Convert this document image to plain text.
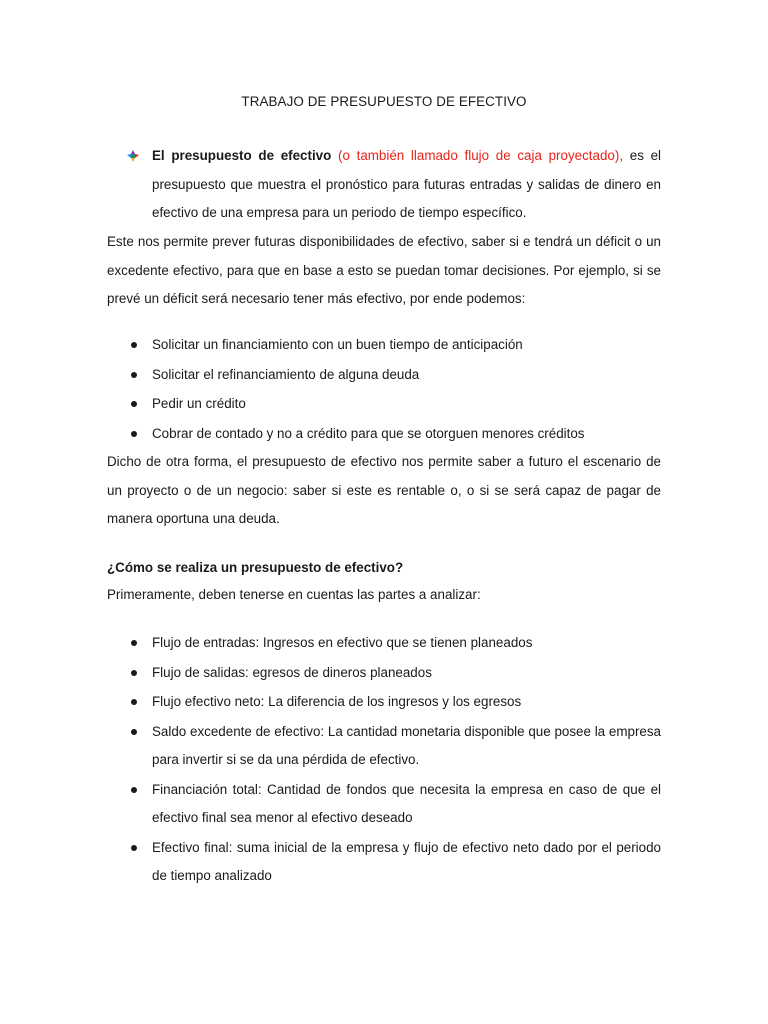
TRABAJO DE PRESUPUESTO DE EFECTIVO
El presupuesto de efectivo (o también llamado flujo de caja proyectado), es el presupuesto que muestra el pronóstico para futuras entradas y salidas de dinero en efectivo de una empresa para un periodo de tiempo específico.
Este nos permite prever futuras disponibilidades de efectivo, saber si e tendrá un déficit o un excedente efectivo, para que en base a esto se puedan tomar decisiones. Por ejemplo, si se prevé un déficit será necesario tener más efectivo, por ende podemos:
Solicitar un financiamiento con un buen tiempo de anticipación
Solicitar el refinanciamiento de alguna deuda
Pedir un crédito
Cobrar de contado y no a crédito para que se otorguen menores créditos
Dicho de otra forma, el presupuesto de efectivo nos permite saber a futuro el escenario de un proyecto o de un negocio: saber si este es rentable o, o si se será capaz de pagar de manera oportuna una deuda.
¿Cómo se realiza un presupuesto de efectivo?
Primeramente, deben tenerse en cuentas las partes a analizar:
Flujo de entradas: Ingresos en efectivo que se tienen planeados
Flujo de salidas: egresos de dineros planeados
Flujo efectivo neto: La diferencia de los ingresos y los egresos
Saldo excedente de efectivo: La cantidad monetaria disponible que posee la empresa para invertir si se da una pérdida de efectivo.
Financiación total: Cantidad de fondos que necesita la empresa en caso de que el efectivo final sea menor al efectivo deseado
Efectivo final: suma inicial de la empresa y flujo de efectivo neto dado por el periodo de tiempo analizado
